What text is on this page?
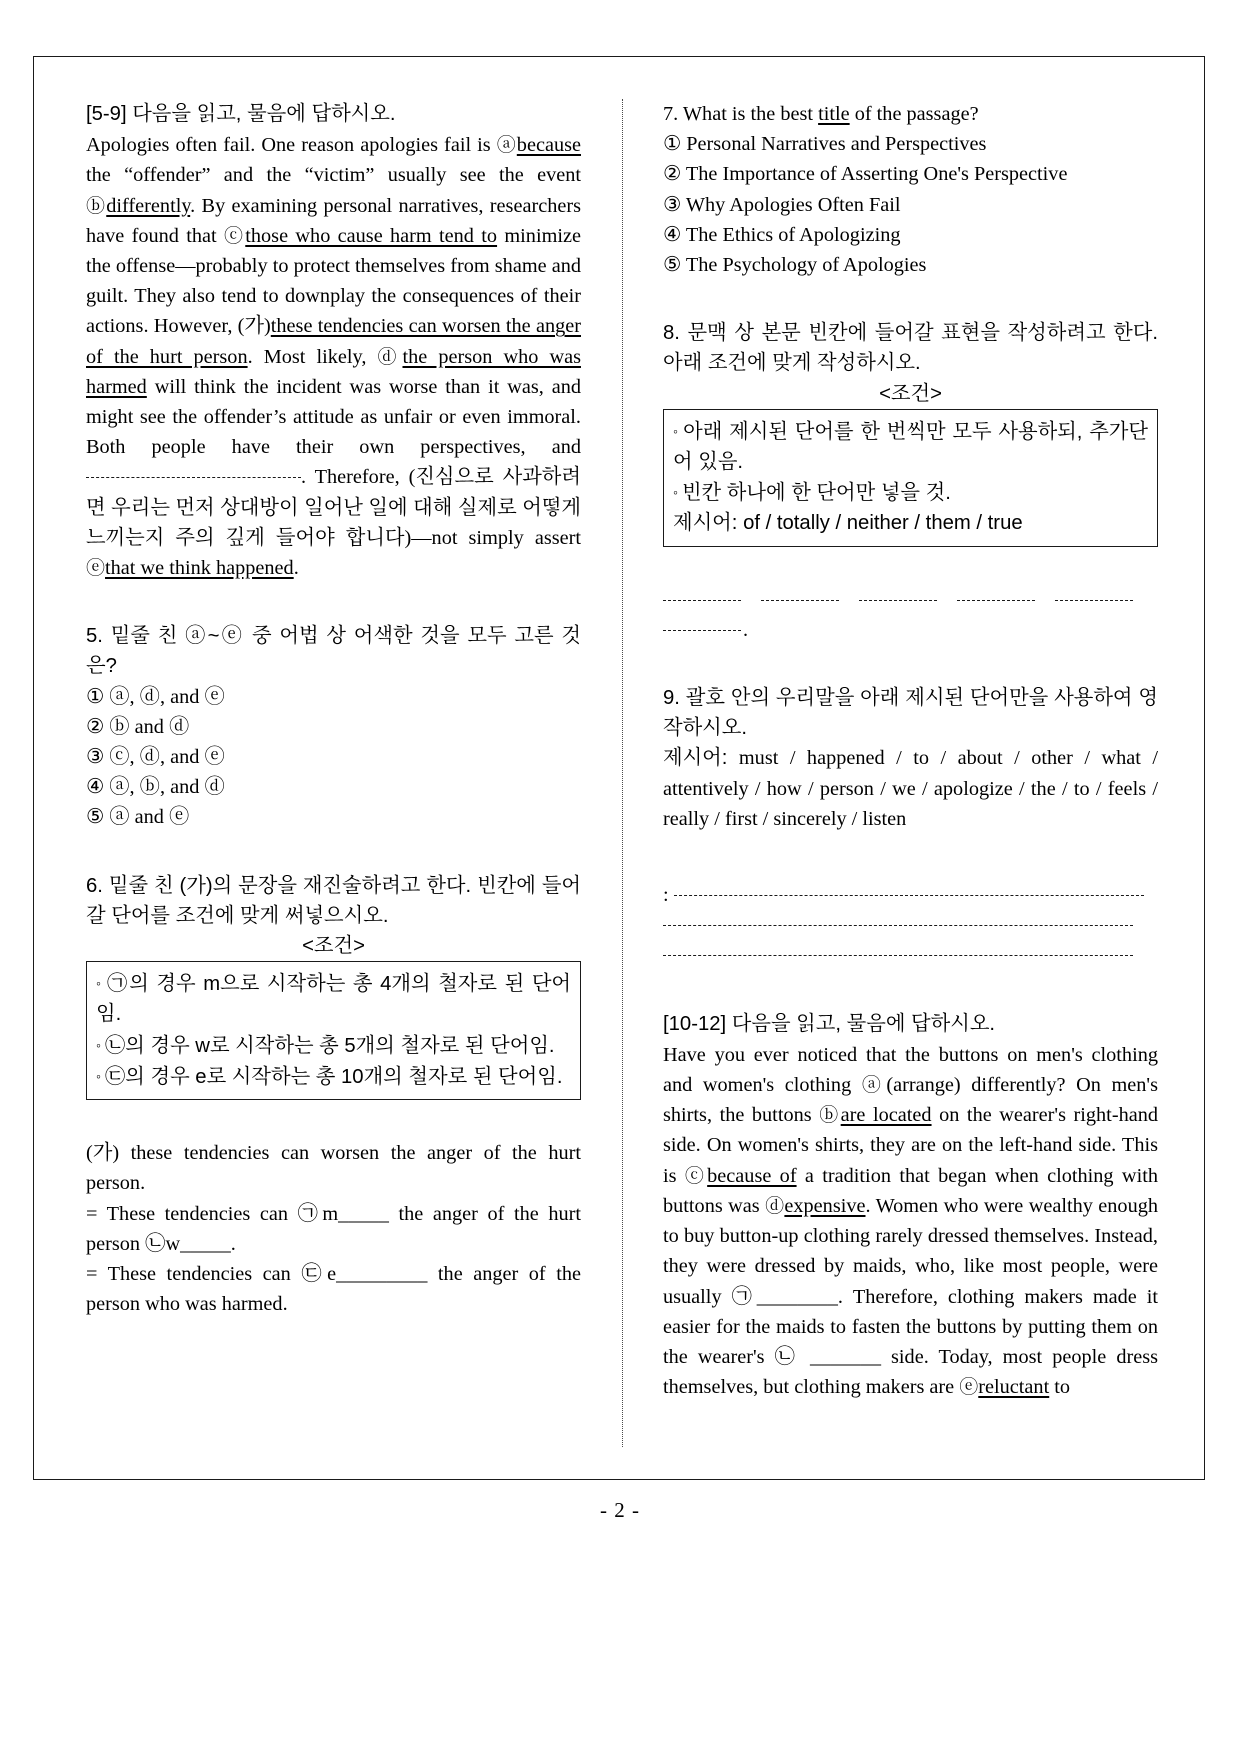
[5-9] 다음을 읽고, 물음에 답하시오.
Apologies often fail. One reason apologies fail is ⓐbecause the “offender” and the “victim” usually see the event ⓑdifferently. By examining personal narratives, researchers have found that ⓒthose who cause harm tend to minimize the offense—probably to protect themselves from shame and guilt. They also tend to downplay the consequences of their actions. However, (가)these tendencies can worsen the anger of the hurt person. Most likely, ⓓthe person who was harmed will think the incident was worse than it was, and might see the offender’s attitude as unfair or even immoral. Both people have their own perspectives, and . Therefore, (진심으로 사과하려면 우리는 먼저 상대방이 일어난 일에 대해 실제로 어떻게 느끼는지 주의 깊게 들어야 합니다)—not simply assert ⓔthat we think happened.
5. 밑줄 친 ⓐ~ⓔ 중 어법 상 어색한 것을 모두 고른 것은?
① ⓐ, ⓓ, and ⓔ
② ⓑ and ⓓ
③ ⓒ, ⓓ, and ⓔ
④ ⓐ, ⓑ, and ⓓ
⑤ ⓐ and ⓔ
6. 밑줄 친 (가)의 문장을 재진술하려고 한다. 빈칸에 들어갈 단어를 조건에 맞게 써넣으시오.
<조건>
◦ ㉠의 경우 m으로 시작하는 총 4개의 철자로 된 단어임.
◦ ㉡의 경우 w로 시작하는 총 5개의 철자로 된 단어임.
◦ ㉢의 경우 e로 시작하는 총 10개의 철자로 된 단어임.
(가) these tendencies can worsen the anger of the hurt person.
= These tendencies can ㉠m_____ the anger of the hurt person ㉡w_____.
= These tendencies can ㉢e_________ the anger of the person who was harmed.
7. What is the best title of the passage?
① Personal Narratives and Perspectives
② The Importance of Asserting One's Perspective
③ Why Apologies Often Fail
④ The Ethics of Apologizing
⑤ The Psychology of Apologies
8. 문맥 상 본문 빈칸에 들어갈 표현을 작성하려고 한다. 아래 조건에 맞게 작성하시오.
<조건>
◦ 아래 제시된 단어를 한 번씩만 모두 사용하되, 추가단어 있음.
◦ 빈칸 하나에 한 단어만 넣을 것.
제시어: of / totally / neither / them / true
.
9. 괄호 안의 우리말을 아래 제시된 단어만을 사용하여 영작하시오.
제시어: must / happened / to / about / other / what / attentively / how / person / we / apologize / the / to / feels / really / first / sincerely / listen
:
[10-12] 다음을 읽고, 물음에 답하시오.
Have you ever noticed that the buttons on men's clothing and women's clothing ⓐ(arrange) differently? On men's shirts, the buttons ⓑare located on the wearer's right-hand side. On women's shirts, they are on the left-hand side. This is ⓒbecause of a tradition that began when clothing with buttons was ⓓexpensive. Women who were wealthy enough to buy button-up clothing rarely dressed themselves. Instead, they were dressed by maids, who, like most people, were usually ㉠________. Therefore, clothing makers made it easier for the maids to fasten the buttons by putting them on the wearer's ㉡ _______ side. Today, most people dress themselves, but clothing makers are ⓔreluctant to
- 2 -
